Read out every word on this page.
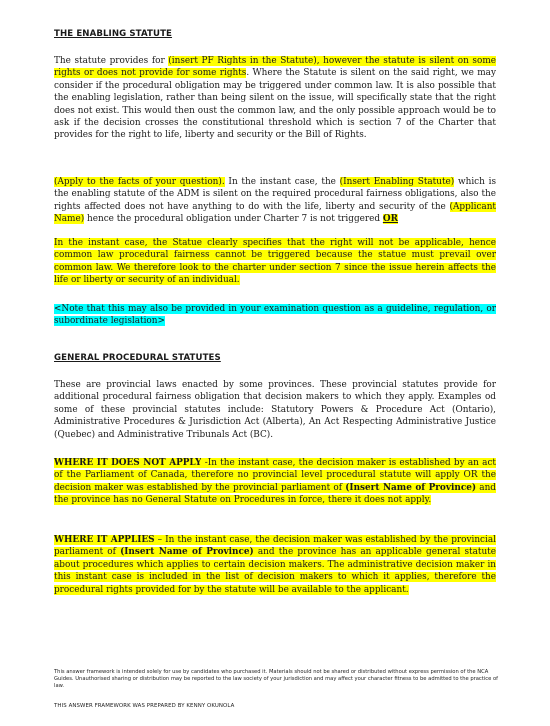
THE ENABLING STATUTE
The statute provides for (insert PF Rights in the Statute), however the statute is silent on some rights or does not provide for some rights. Where the Statute is silent on the said right, we may consider if the procedural obligation may be triggered under common law. It is also possible that the enabling legislation, rather than being silent on the issue, will specifically state that the right does not exist. This would then oust the common law, and the only possible approach would be to ask if the decision crosses the constitutional threshold which is section 7 of the Charter that provides for the right to life, liberty and security or the Bill of Rights.
(Apply to the facts of your question). In the instant case, the (Insert Enabling Statute) which is the enabling statute of the ADM is silent on the required procedural fairness obligations, also the rights affected does not have anything to do with the life, liberty and security of the (Applicant Name) hence the procedural obligation under Charter 7 is not triggered OR
In the instant case, the Statue clearly specifies that the right will not be applicable, hence common law procedural fairness cannot be triggered because the statue must prevail over common law. We therefore look to the charter under section 7 since the issue herein affects the life or liberty or security of an individual.
<Note that this may also be provided in your examination question as a guideline, regulation, or subordinate legislation>
GENERAL PROCEDURAL STATUTES
These are provincial laws enacted by some provinces. These provincial statutes provide for additional procedural fairness obligation that decision makers to which they apply. Examples od some of these provincial statutes include: Statutory Powers & Procedure Act (Ontario), Administrative Procedures & Jurisdiction Act (Alberta), An Act Respecting Administrative Justice (Quebec) and Administrative Tribunals Act (BC).
WHERE IT DOES NOT APPLY -In the instant case, the decision maker is established by an act of the Parliament of Canada, therefore no provincial level procedural statute will apply OR the decision maker was established by the provincial parliament of (Insert Name of Province) and the province has no General Statute on Procedures in force, there it does not apply.
WHERE IT APPLIES – In the instant case, the decision maker was established by the provincial parliament of (Insert Name of Province) and the province has an applicable general statute about procedures which applies to certain decision makers. The administrative decision maker in this instant case is included in the list of decision makers to which it applies, therefore the procedural rights provided for by the statute will be available to the applicant.
This answer framework is intended solely for use by candidates who purchased it. Materials should not be shared or distributed without express permission of the NCA Guides. Unauthorised sharing or distribution may be reported to the law society of your jurisdiction and may affect your character fitness to be admitted to the practice of law.
THIS ANSWER FRAMEWORK WAS PREPARED BY KENNY OKUNOLA
